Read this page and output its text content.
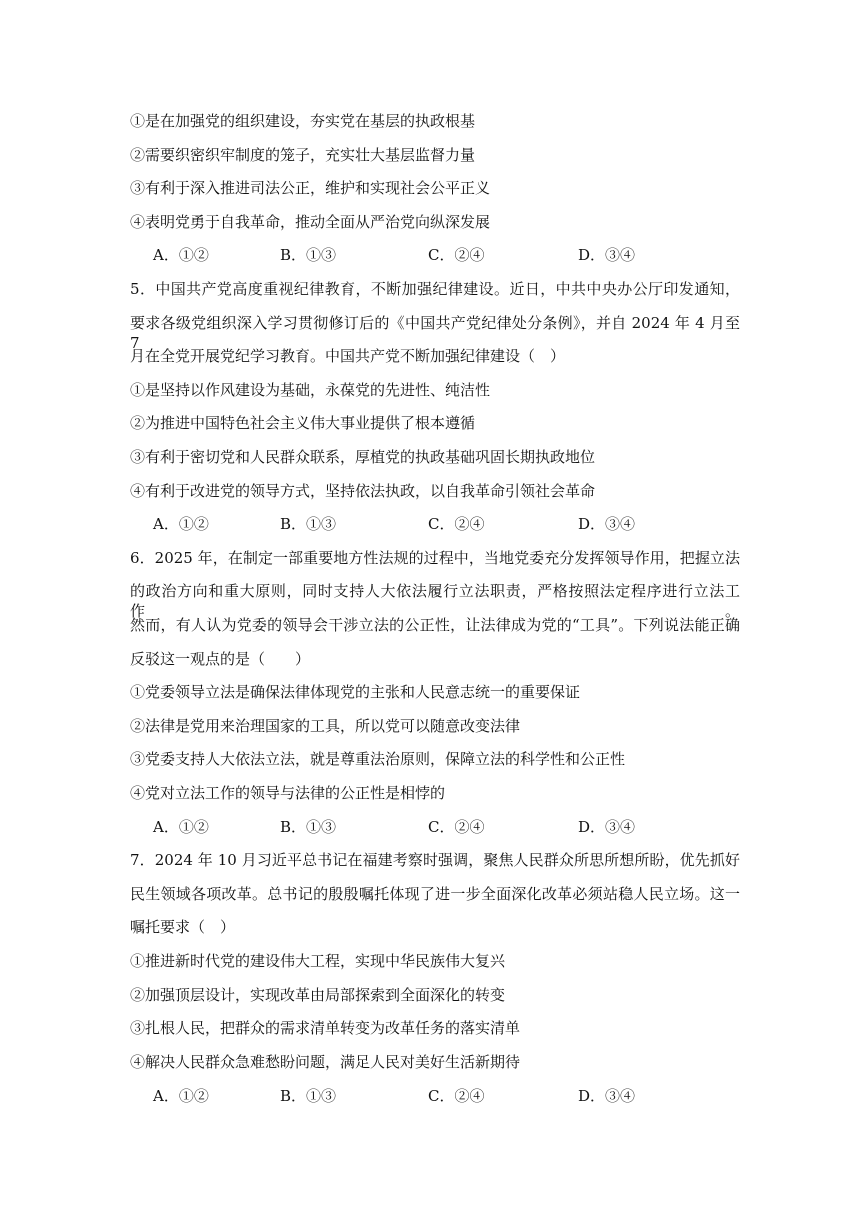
①是在加强党的组织建设，夯实党在基层的执政根基
②需要织密织牢制度的笼子，充实壮大基层监督力量
③有利于深入推进司法公正，维护和实现社会公平正义
④表明党勇于自我革命，推动全面从严治党向纵深发展
A．①②	B．①③	C．②④	D．③④
5．中国共产党高度重视纪律教育，不断加强纪律建设。近日，中共中央办公厅印发通知，
要求各级党组织深入学习贯彻修订后的《中国共产党纪律处分条例》，并自 2024 年 4 月至 7
月在全党开展党纪学习教育。中国共产党不断加强纪律建设（　）
①是坚持以作风建设为基础，永葆党的先进性、纯洁性
②为推进中国特色社会主义伟大事业提供了根本遵循
③有利于密切党和人民群众联系，厚植党的执政基础巩固长期执政地位
④有利于改进党的领导方式，坚持依法执政，以自我革命引领社会革命
A．①②	B．①③	C．②④	D．③④
6．2025 年，在制定一部重要地方性法规的过程中，当地党委充分发挥领导作用，把握立法
的政治方向和重大原则，同时支持人大依法履行立法职责，严格按照法定程序进行立法工作。
然而，有人认为党委的领导会干涉立法的公正性，让法律成为党的“工具”。下列说法能正确
反驳这一观点的是（　　）
①党委领导立法是确保法律体现党的主张和人民意志统一的重要保证
②法律是党用来治理国家的工具，所以党可以随意改变法律
③党委支持人大依法立法，就是尊重法治原则，保障立法的科学性和公正性
④党对立法工作的领导与法律的公正性是相悖的
A．①②	B．①③	C．②④	D．③④
7．2024 年 10 月习近平总书记在福建考察时强调，聚焦人民群众所思所想所盼，优先抓好
民生领域各项改革。总书记的殷殷嘱托体现了进一步全面深化改革必须站稳人民立场。这一
嘱托要求（　）
①推进新时代党的建设伟大工程，实现中华民族伟大复兴
②加强顶层设计，实现改革由局部探索到全面深化的转变
③扎根人民，把群众的需求清单转变为改革任务的落实清单
④解决人民群众急难愁盼问题，满足人民对美好生活新期待
A．①②	B．①③	C．②④	D．③④
